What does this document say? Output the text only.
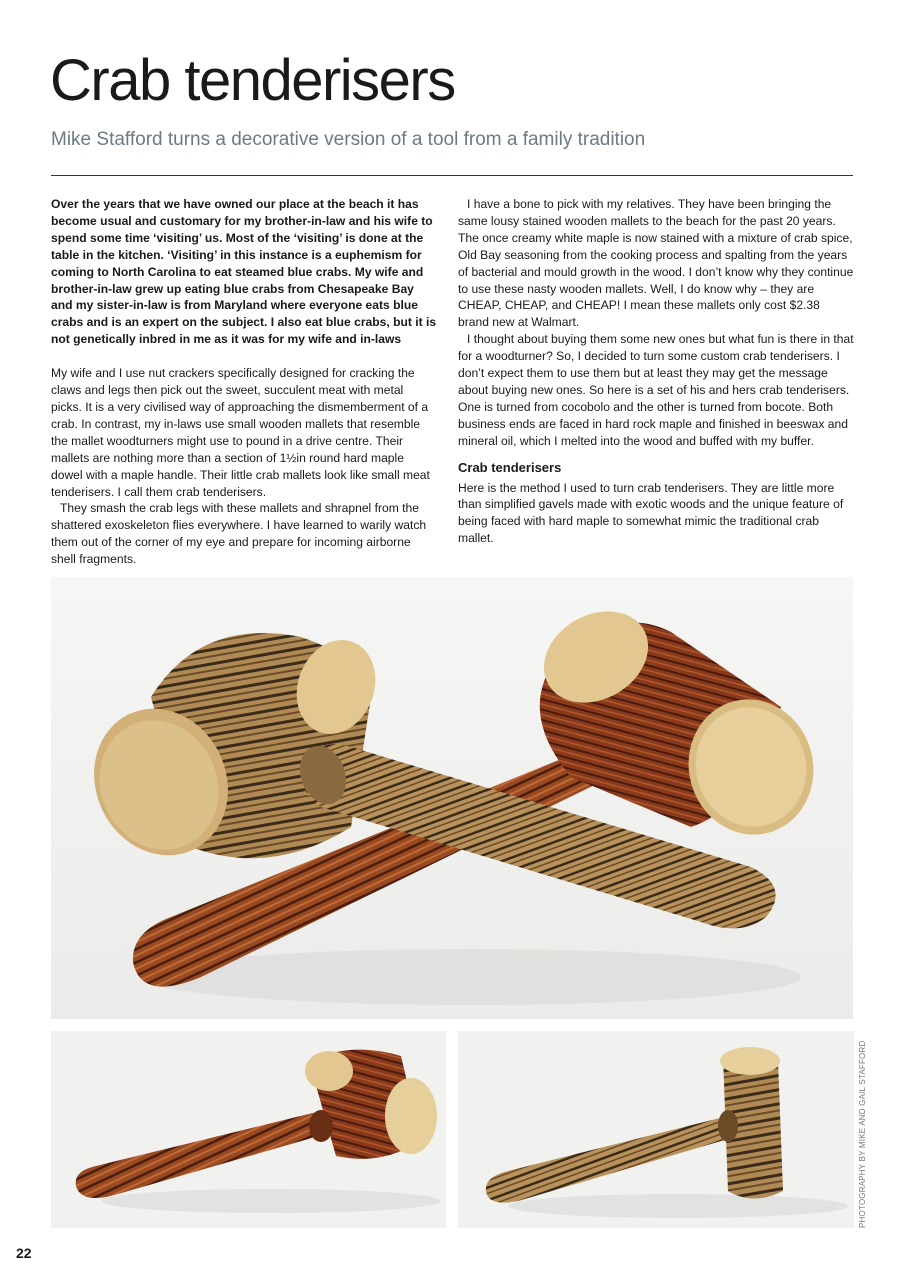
Crab tenderisers

Mike Stafford turns a decorative version of a tool from a family tradition

Over the years that we have owned our place at the beach it has become usual and customary for my brother-in-law and his wife to spend some time ‘visiting’ us. Most of the ‘visiting’ is done at the table in the kitchen. ‘Visiting’ in this instance is a euphemism for coming to North Carolina to eat steamed blue crabs. My wife and brother-in-law grew up eating blue crabs from Chesapeake Bay and my sister-in-law is from Maryland where everyone eats blue crabs and is an expert on the subject. I also eat blue crabs, but it is not genetically inbred in me as it was for my wife and in-laws

My wife and I use nut crackers specifically designed for cracking the claws and legs then pick out the sweet, succulent meat with metal picks. It is a very civilised way of approaching the dismemberment of a crab. In contrast, my in-laws use small wooden mallets that resemble the mallet woodturners might use to pound in a drive centre. Their mallets are nothing more than a section of 1½in round hard maple dowel with a maple handle. Their little crab mallets look like small meat tenderisers. I call them crab tenderisers.

They smash the crab legs with these mallets and shrapnel from the shattered exoskeleton flies everywhere. I have learned to warily watch them out of the corner of my eye and prepare for incoming airborne shell fragments.

I have a bone to pick with my relatives. They have been bringing the same lousy stained wooden mallets to the beach for the past 20 years. The once creamy white maple is now stained with a mixture of crab spice, Old Bay seasoning from the cooking process and spalting from the years of bacterial and mould growth in the wood. I don’t know why they continue to use these nasty wooden mallets. Well, I do know why – they are CHEAP, CHEAP, and CHEAP! I mean these mallets only cost $2.38 brand new at Walmart.

I thought about buying them some new ones but what fun is there in that for a woodturner? So, I decided to turn some custom crab tenderisers. I don’t expect them to use them but at least they may get the message about buying new ones. So here is a set of his and hers crab tenderisers. One is turned from cocobolo and the other is turned from bocote. Both business ends are faced in hard rock maple and finished in beeswax and mineral oil, which I melted into the wood and buffed with my buffer.

Crab tenderisers

Here is the method I used to turn crab tenderisers. They are little more than simplified gavels made with exotic woods and the unique feature of being faced with hard maple to somewhat mimic the traditional crab mallet.

PHOTOGRAPHY BY MIKE AND GAIL STAFFORD
22
